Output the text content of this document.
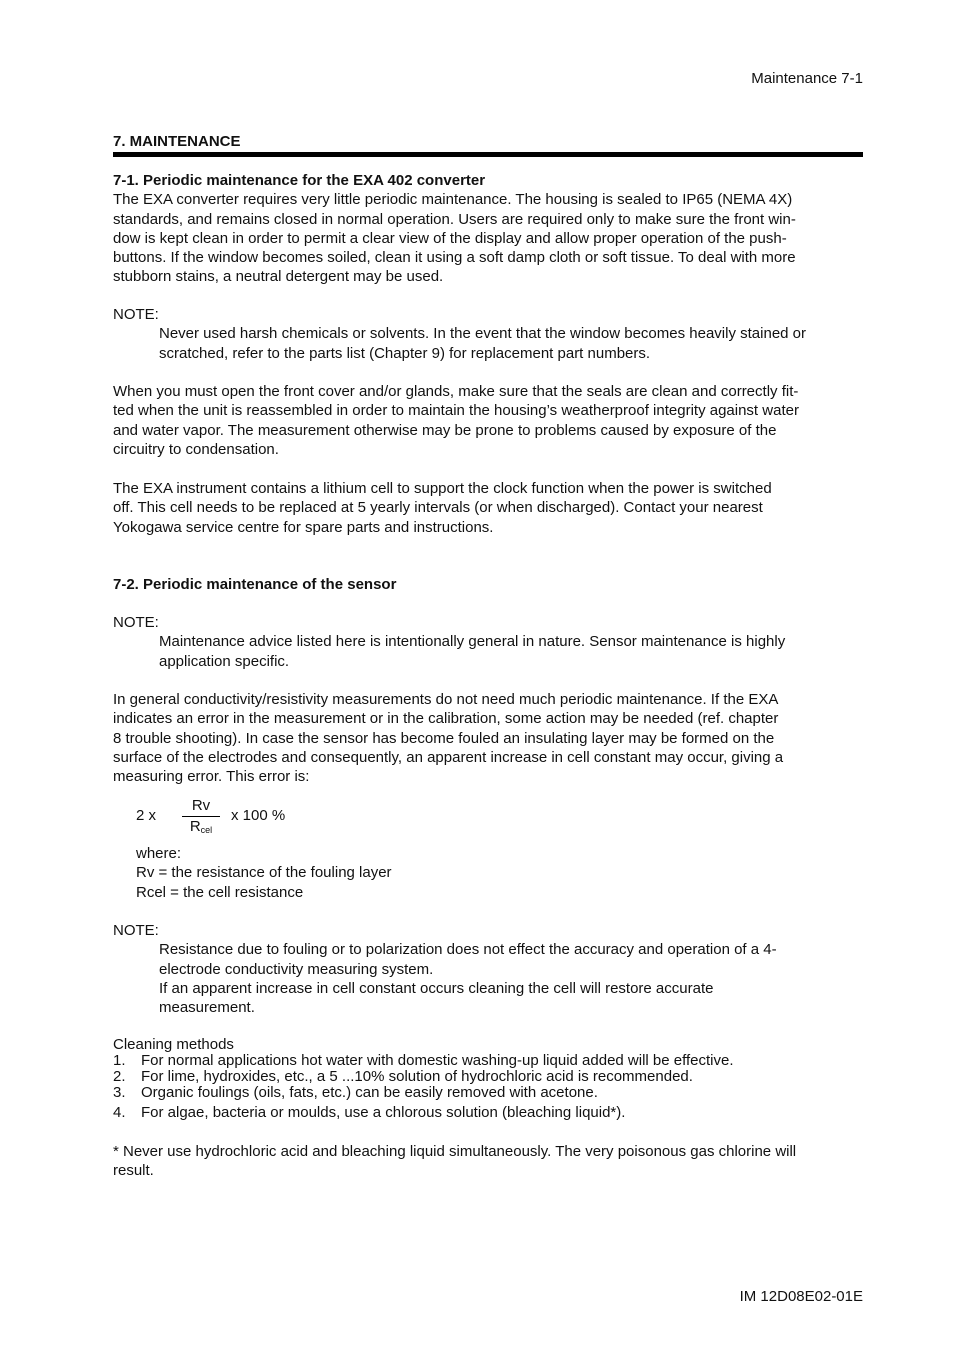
Maintenance 7-1
7. MAINTENANCE

7-1. Periodic maintenance for the EXA 402 converter

The EXA converter requires very little periodic maintenance. The housing is sealed to IP65 (NEMA 4X)

standards, and remains closed in normal operation. Users are required only to make sure the front win-

dow is kept clean in order to permit a clear view of the display and allow proper operation of the push-

buttons. If the window becomes soiled, clean it using a soft damp cloth or soft tissue. To deal with more

stubborn stains, a neutral detergent may be used.

NOTE:

Never used harsh chemicals or solvents. In the event that the window becomes heavily stained or

scratched, refer to the parts list (Chapter 9) for replacement part numbers.

When you must open the front cover and/or glands, make sure that the seals are clean and correctly fit-

ted when the unit is reassembled in order to maintain the housing’s weatherproof integrity against water

and water vapor. The measurement otherwise may be prone to problems caused by exposure of the

circuitry to condensation.

The EXA instrument contains a lithium cell to support the clock function when the power is switched

off. This cell needs to be replaced at 5 yearly intervals (or when discharged). Contact your nearest

Yokogawa service centre for spare parts and instructions.

7-2. Periodic maintenance of the sensor

NOTE:

Maintenance advice listed here is intentionally general in nature. Sensor maintenance is highly

application specific.

In general conductivity/resistivity measurements do not need much periodic maintenance. If the EXA

indicates an error in the measurement or in the calibration, some action may be needed (ref. chapter

8 trouble shooting). In case the sensor has become fouled an insulating layer may be formed on the

surface of the electrodes and consequently, an apparent increase in cell constant may occur, giving a

measuring error. This error is:

2 x
Rv
$R_{cel}$
x 100 %

where:

Rv = the resistance of the fouling layer

Rcel = the cell resistance

NOTE:

Resistance due to fouling or to polarization does not effect the accuracy and operation of a 4-

electrode conductivity measuring system.

If an apparent increase in cell constant occurs cleaning the cell will restore accurate

measurement.

Cleaning methods

1. For normal applications hot water with domestic washing-up liquid added will be effective.
2. For lime, hydroxides, etc., a 5 ...10% solution of hydrochloric acid is recommended.
3. Organic foulings (oils, fats, etc.) can be easily removed with acetone.
4. For algae, bacteria or moulds, use a chlorous solution (bleaching liquid*).

* Never use hydrochloric acid and bleaching liquid simultaneously. The very poisonous gas chlorine will

result.

IM 12D08E02-01E
